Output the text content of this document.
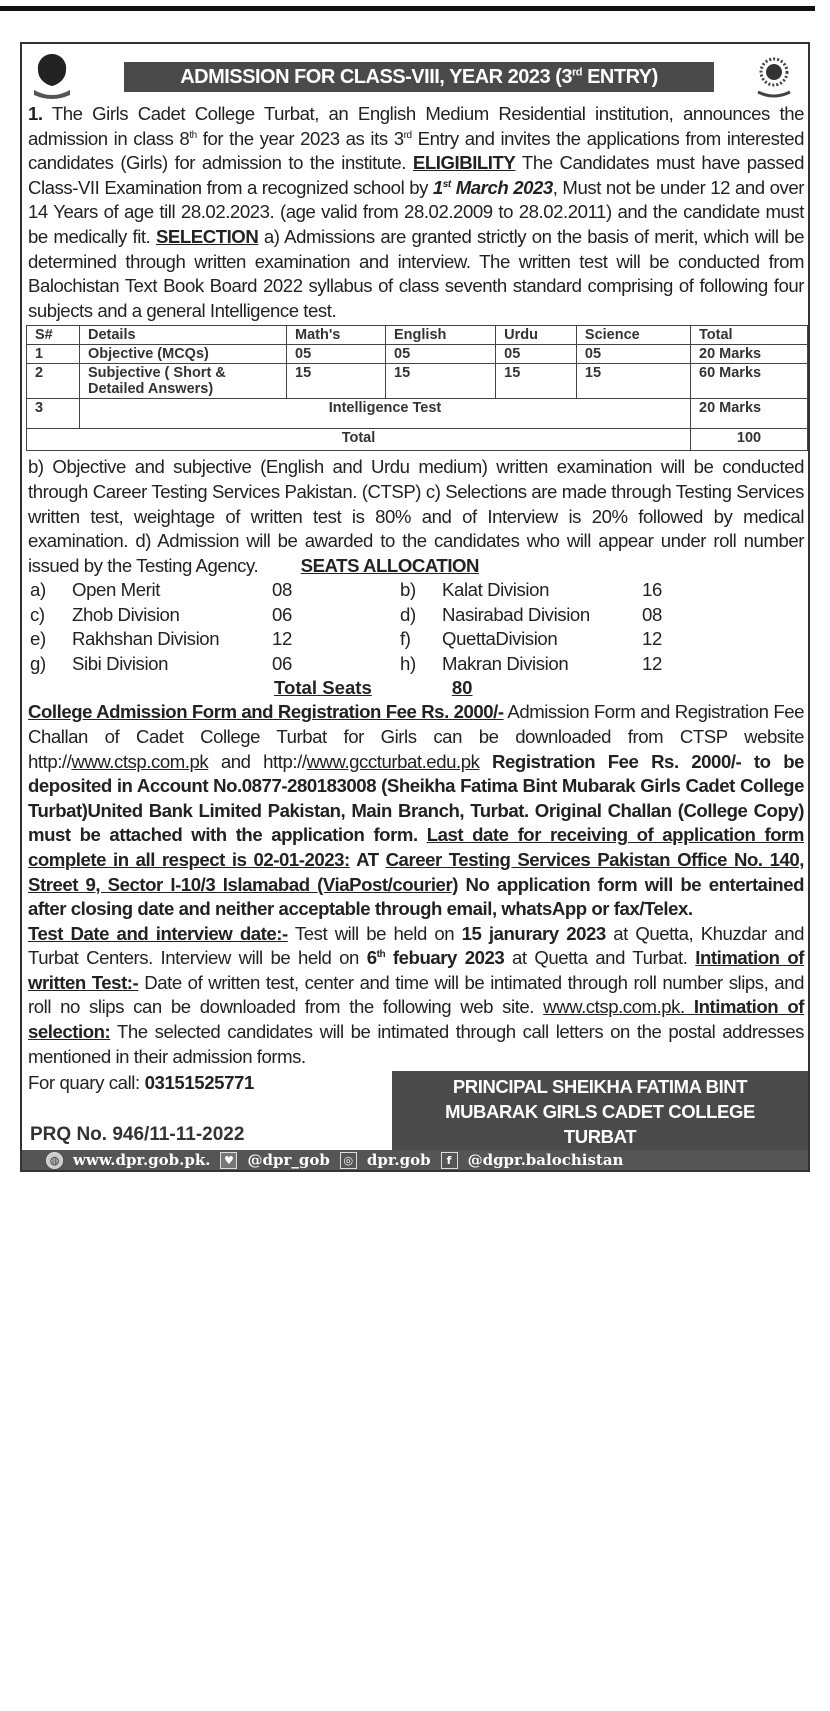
ADMISSION FOR CLASS-VIII, YEAR 2023 (3rd ENTRY)
1. The Girls Cadet College Turbat, an English Medium Residential institution, announces the admission in class 8th for the year 2023 as its 3rd Entry and invites the applications from interested candidates (Girls) for admission to the institute. ELIGIBILITY The Candidates must have passed Class-VII Examination from a recognized school by 1st March 2023, Must not be under 12 and over 14 Years of age till 28.02.2023. (age valid from 28.02.2009 to 28.02.2011) and the candidate must be medically fit. SELECTION a) Admissions are granted strictly on the basis of merit, which will be determined through written examination and interview. The written test will be conducted from Balochistan Text Book Board 2022 syllabus of class seventh standard comprising of following four subjects and a general Intelligence test.
S#	Details	Math's	English	Urdu	Science	Total
1	Objective (MCQs)	05	05	05	05	20 Marks
2	Subjective ( Short & Detailed Answers)	15	15	15	15	60 Marks
3	Intelligence Test					20 Marks
Total						100
b) Objective and subjective (English and Urdu medium) written examination will be conducted through Career Testing Services Pakistan. (CTSP) c) Selections are made through Testing Services written test, weightage of written test is 80% and of Interview is 20% followed by medical examination. d) Admission will be awarded to the candidates who will appear under roll number issued by the Testing Agency. SEATS ALLOCATION
a)	Open Merit	08	b)	Kalat Division	16
c)	Zhob Division	06	d)	Nasirabad Division	08
e)	Rakhshan Division	12	f)	QuettaDivision	12
g)	Sibi Division	06	h)	Makran Division	12
Total Seats	80
College Admission Form and Registration Fee Rs. 2000/- Admission Form and Registration Fee Challan of Cadet College Turbat for Girls can be downloaded from CTSP website http://www.ctsp.com.pk and http://www.gccturbat.edu.pk Registration Fee Rs. 2000/- to be deposited in Account No.0877-280183008 (Sheikha Fatima Bint Mubarak Girls Cadet College Turbat)United Bank Limited Pakistan, Main Branch, Turbat. Original Challan (College Copy) must be attached with the application form. Last date for receiving of application form complete in all respect is 02-01-2023: AT Career Testing Services Pakistan Office No. 140, Street 9, Sector I-10/3 Islamabad (ViaPost/courier) No application form will be entertained after closing date and neither acceptable through email, whatsApp or fax/Telex.
Test Date and interview date:- Test will be held on 15 janurary 2023 at Quetta, Khuzdar and Turbat Centers. Interview will be held on 6th febuary 2023 at Quetta and Turbat. Intimation of written Test:- Date of written test, center and time will be intimated through roll number slips, and roll no slips can be downloaded from the following web site. www.ctsp.com.pk. Intimation of selection: The selected candidates will be intimated through call letters on the postal addresses mentioned in their admission forms.
For quary call: 03151525771
PRQ No. 946/11-11-2022
PRINCIPAL SHEIKHA FATIMA BINT
MUBARAK GIRLS CADET COLLEGE
TURBAT
◍ www.dpr.gob.pk.	♥ @dpr_gob	◎ dpr.gob	f	@dgpr.balochistan
